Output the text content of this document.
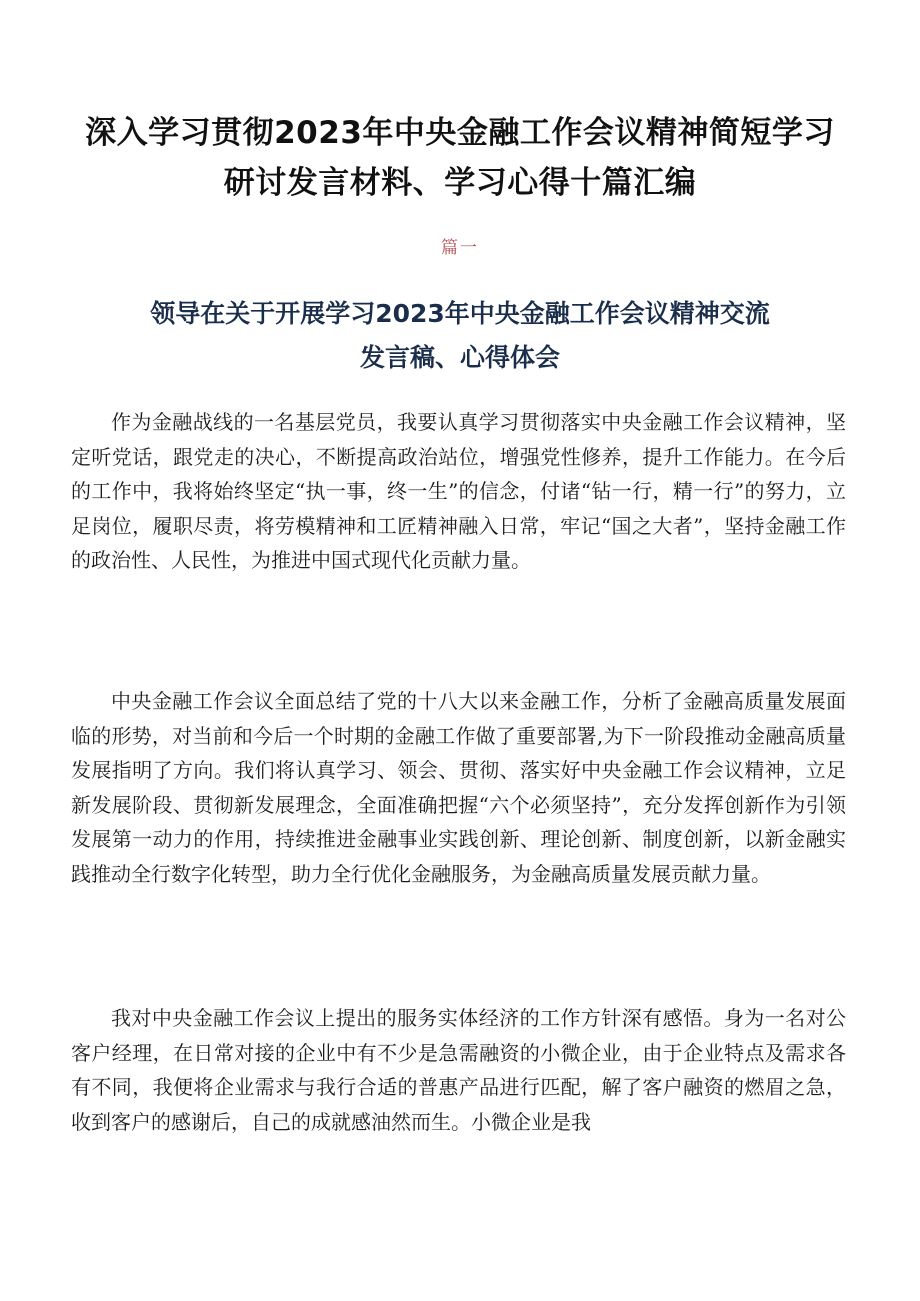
深入学习贯彻2023年中央金融工作会议精神简短学习
研讨发言材料、学习心得十篇汇编
篇一
领导在关于开展学习2023年中央金融工作会议精神交流
发言稿、心得体会

作为金融战线的一名基层党员，我要认真学习贯彻落实中央金融工作会议精神，坚定听党话，跟党走的决心，不断提高政治站位，增强党性修养，提升工作能力。在今后的工作中，我将始终坚定“执一事，终一生”的信念，付诸“钻一行，精一行”的努力，立足岗位，履职尽责，将劳模精神和工匠精神融入日常，牢记“国之大者”，坚持金融工作的政治性、人民性，为推进中国式现代化贡献力量。

中央金融工作会议全面总结了党的十八大以来金融工作，分析了金融高质量发展面临的形势，对当前和今后一个时期的金融工作做了重要部署,为下一阶段推动金融高质量发展指明了方向。我们将认真学习、领会、贯彻、落实好中央金融工作会议精神，立足新发展阶段、贯彻新发展理念，全面准确把握“六个必须坚持”，充分发挥创新作为引领发展第一动力的作用，持续推进金融事业实践创新、理论创新、制度创新，以新金融实践推动全行数字化转型，助力全行优化金融服务，为金融高质量发展贡献力量。

我对中央金融工作会议上提出的服务实体经济的工作方针深有感悟。身为一名对公客户经理，在日常对接的企业中有不少是急需融资的小微企业，由于企业特点及需求各有不同，我便将企业需求与我行合适的普惠产品进行匹配，解了客户融资的燃眉之急，收到客户的感谢后，自己的成就感油然而生。小微企业是我
